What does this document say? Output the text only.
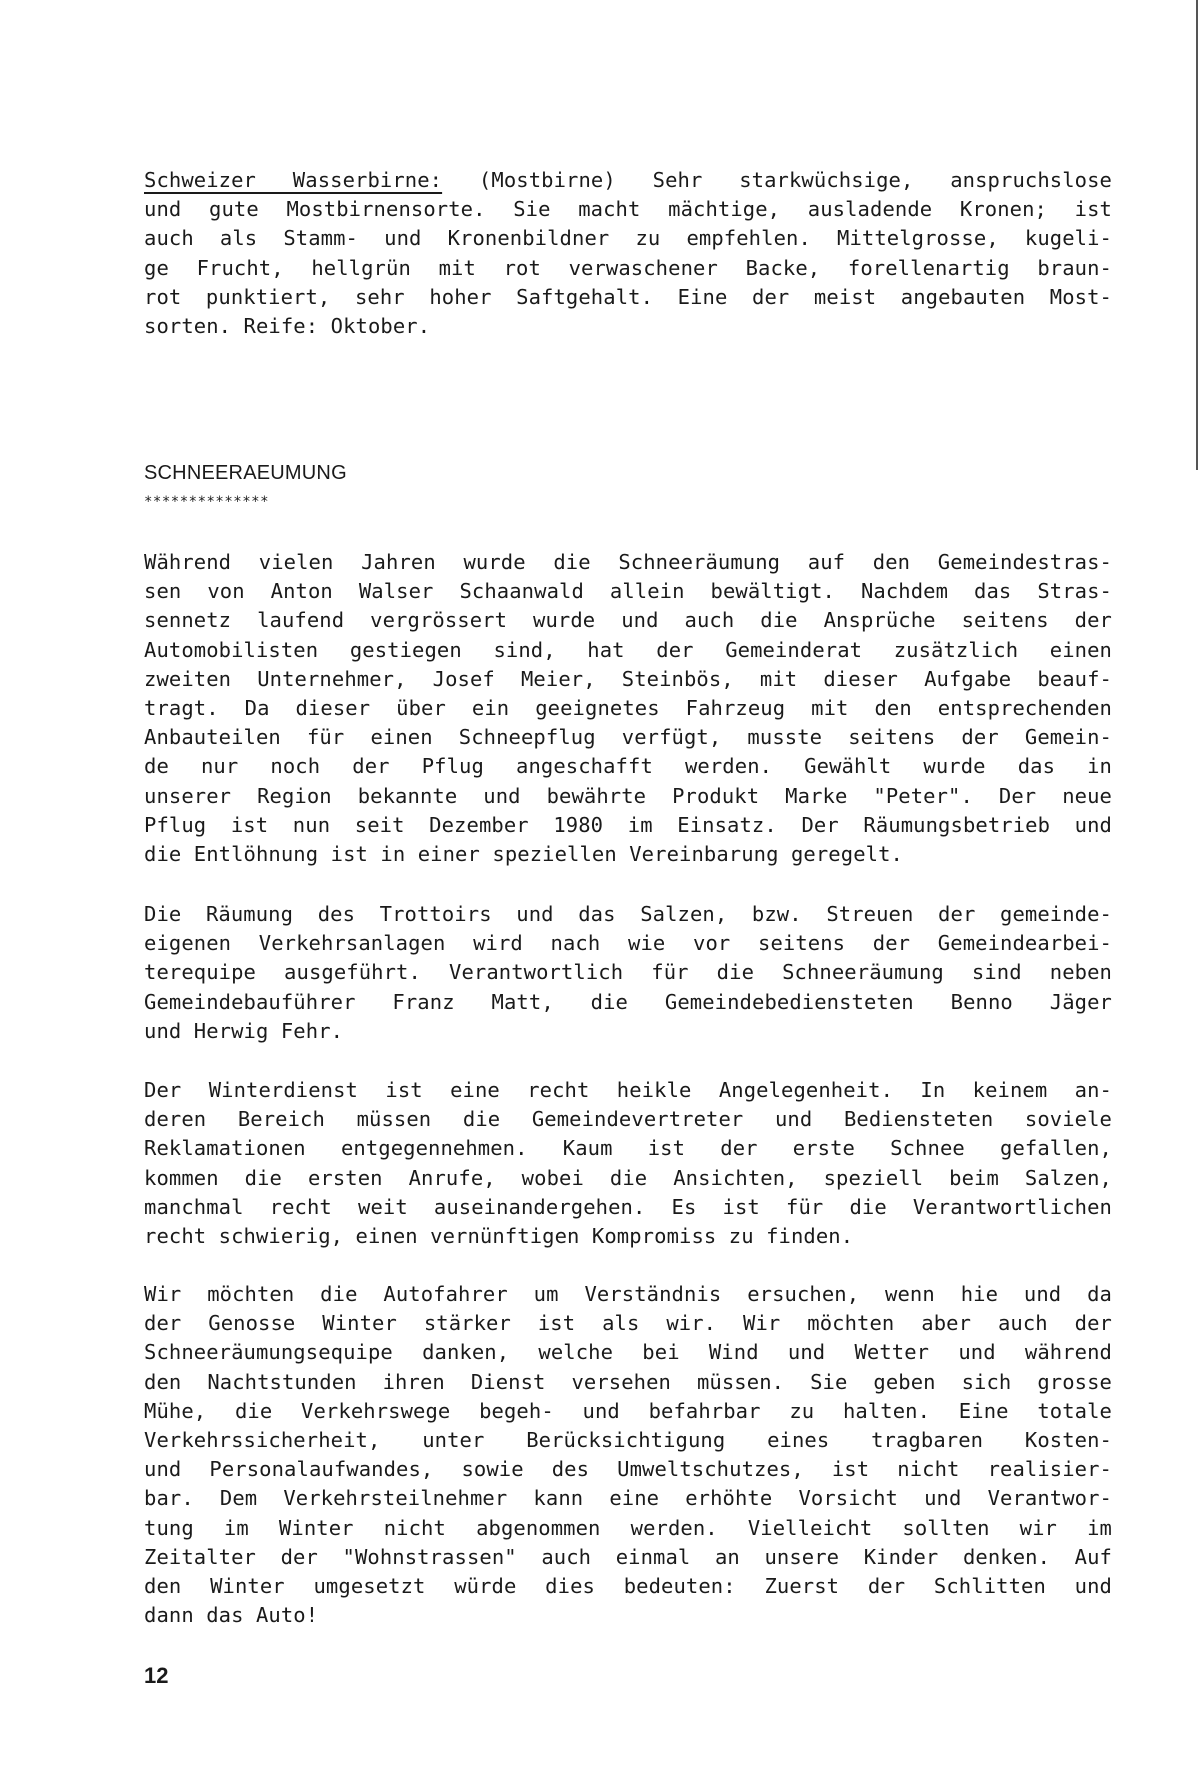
Schweizer Wasserbirne: (Mostbirne) Sehr starkwüchsige, anspruchslose
und gute Mostbirnensorte. Sie macht mächtige, ausladende Kronen; ist
auch als Stamm- und Kronenbildner zu empfehlen. Mittelgrosse, kugeli-
ge Frucht, hellgrün mit rot verwaschener Backe, forellenartig braun-
rot punktiert, sehr hoher Saftgehalt. Eine der meist angebauten Most-
sorten. Reife: Oktober.

SCHNEERAEUMUNG

**************

Während vielen Jahren wurde die Schneeräumung auf den Gemeindestras-
sen von Anton Walser Schaanwald allein bewältigt. Nachdem das Stras-
sennetz laufend vergrössert wurde und auch die Ansprüche seitens der
Automobilisten gestiegen sind, hat der Gemeinderat zusätzlich einen
zweiten Unternehmer, Josef Meier, Steinbös, mit dieser Aufgabe beauf-
tragt. Da dieser über ein geeignetes Fahrzeug mit den entsprechenden
Anbauteilen für einen Schneepflug verfügt, musste seitens der Gemein-
de nur noch der Pflug angeschafft werden. Gewählt wurde das in
unserer Region bekannte und bewährte Produkt Marke "Peter". Der neue
Pflug ist nun seit Dezember 1980 im Einsatz. Der Räumungsbetrieb und
die Entlöhnung ist in einer speziellen Vereinbarung geregelt.

Die Räumung des Trottoirs und das Salzen, bzw. Streuen der gemeinde-
eigenen Verkehrsanlagen wird nach wie vor seitens der Gemeindearbei-
terequipe ausgeführt. Verantwortlich für die Schneeräumung sind neben
Gemeindebauführer Franz Matt, die Gemeindebediensteten Benno Jäger
und Herwig Fehr.

Der Winterdienst ist eine recht heikle Angelegenheit. In keinem an-
deren Bereich müssen die Gemeindevertreter und Bediensteten soviele
Reklamationen entgegennehmen. Kaum ist der erste Schnee gefallen,
kommen die ersten Anrufe, wobei die Ansichten, speziell beim Salzen,
manchmal recht weit auseinandergehen. Es ist für die Verantwortlichen
recht schwierig, einen vernünftigen Kompromiss zu finden.

Wir möchten die Autofahrer um Verständnis ersuchen, wenn hie und da
der Genosse Winter stärker ist als wir. Wir möchten aber auch der
Schneeräumungsequipe danken, welche bei Wind und Wetter und während
den Nachtstunden ihren Dienst versehen müssen. Sie geben sich grosse
Mühe, die Verkehrswege begeh- und befahrbar zu halten. Eine totale
Verkehrssicherheit, unter Berücksichtigung eines tragbaren Kosten-
und Personalaufwandes, sowie des Umweltschutzes, ist nicht realisier-
bar. Dem Verkehrsteilnehmer kann eine erhöhte Vorsicht und Verantwor-
tung im Winter nicht abgenommen werden. Vielleicht sollten wir im
Zeitalter der "Wohnstrassen" auch einmal an unsere Kinder denken. Auf
den Winter umgesetzt würde dies bedeuten: Zuerst der Schlitten und
dann das Auto!

12
